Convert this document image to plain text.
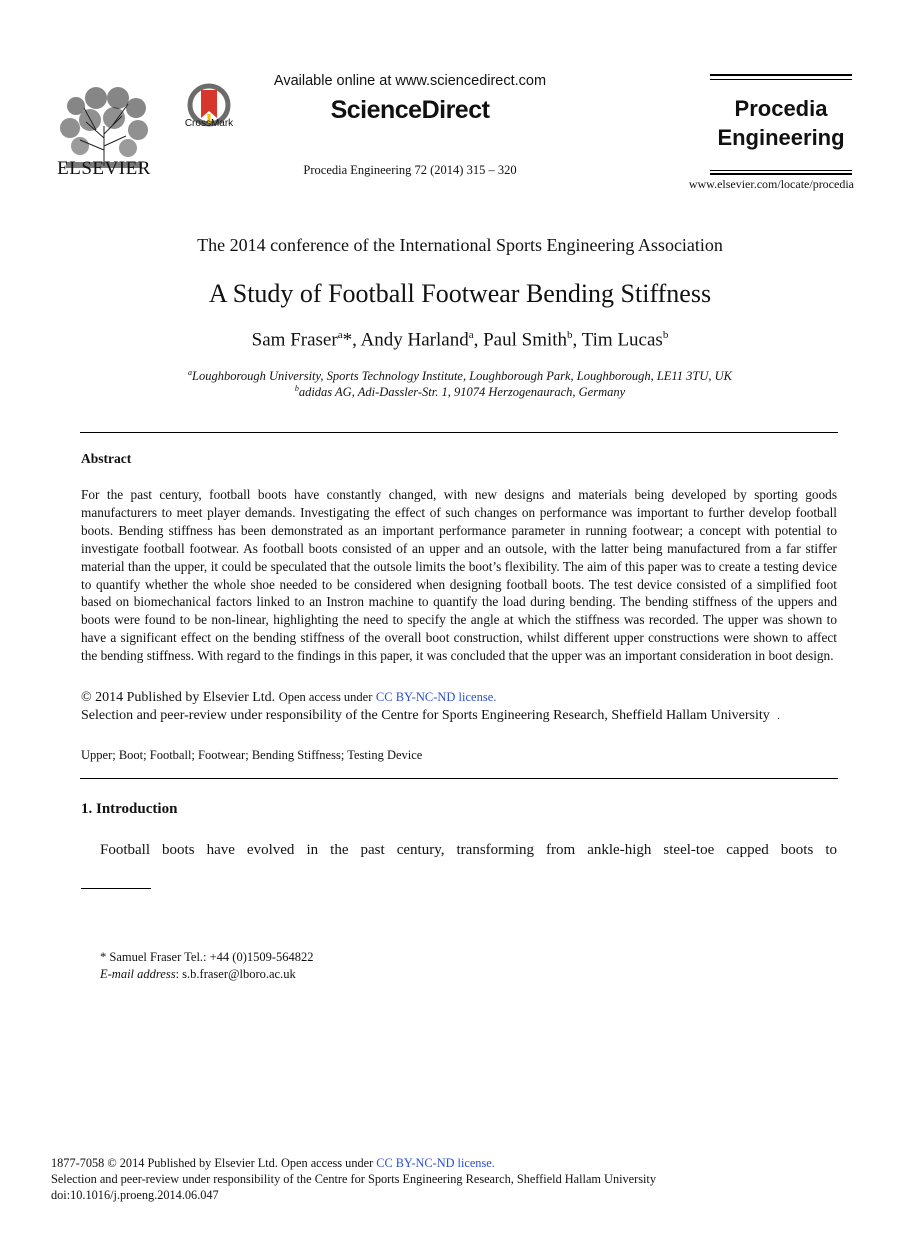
ELSEVIER
CrossMark
Available online at www.sciencedirect.com
ScienceDirect
Procedia Engineering 72 (2014) 315 – 320
Procedia
Engineering
www.elsevier.com/locate/procedia
The 2014 conference of the International Sports Engineering Association
A Study of Football Footwear Bending Stiffness
Sam Fraser$^a$*, Andy Harland$^a$, Paul Smith$^b$, Tim Lucas$^b$
$^a$Loughborough University, Sports Technology Institute, Loughborough Park, Loughborough, LE11 3TU, UK
$^b$adidas AG, Adi-Dassler-Str. 1, 91074 Herzogenaurach, Germany
Abstract
For the past century, football boots have constantly changed, with new designs and materials being developed by sporting goods manufacturers to meet player demands. Investigating the effect of such changes on performance was important to further develop football boots. Bending stiffness has been demonstrated as an important performance parameter in running footwear; a concept with potential to investigate football footwear. As football boots consisted of an upper and an outsole, with the latter being manufactured from a far stiffer material than the upper, it could be speculated that the outsole limits the boot’s flexibility. The aim of this paper was to create a testing device to quantify whether the whole shoe needed to be considered when designing football boots. The test device consisted of a simplified foot based on biomechanical factors linked to an Instron machine to quantify the load during bending. The bending stiffness of the uppers and boots were found to be non-linear, highlighting the need to specify the angle at which the stiffness was recorded. The upper was shown to have a significant effect on the bending stiffness of the overall boot construction, whilst different upper constructions were shown to affect the bending stiffness. With regard to the findings in this paper, it was concluded that the upper was an important consideration in boot design.
© 2014 Published by Elsevier Ltd. Open access under CC BY-NC-ND license.
Selection and peer-review under responsibility of the Centre for Sports Engineering Research, Sheffield Hallam University .
Upper; Boot; Football; Footwear; Bending Stiffness; Testing Device
1. Introduction
Football boots have evolved in the past century, transforming from ankle-high steel-toe capped boots to
* Samuel Fraser Tel.: +44 (0)1509-564822
E-mail address: s.b.fraser@lboro.ac.uk
1877-7058 © 2014 Published by Elsevier Ltd. Open access under CC BY-NC-ND license.
Selection and peer-review under responsibility of the Centre for Sports Engineering Research, Sheffield Hallam University
doi:10.1016/j.proeng.2014.06.047
